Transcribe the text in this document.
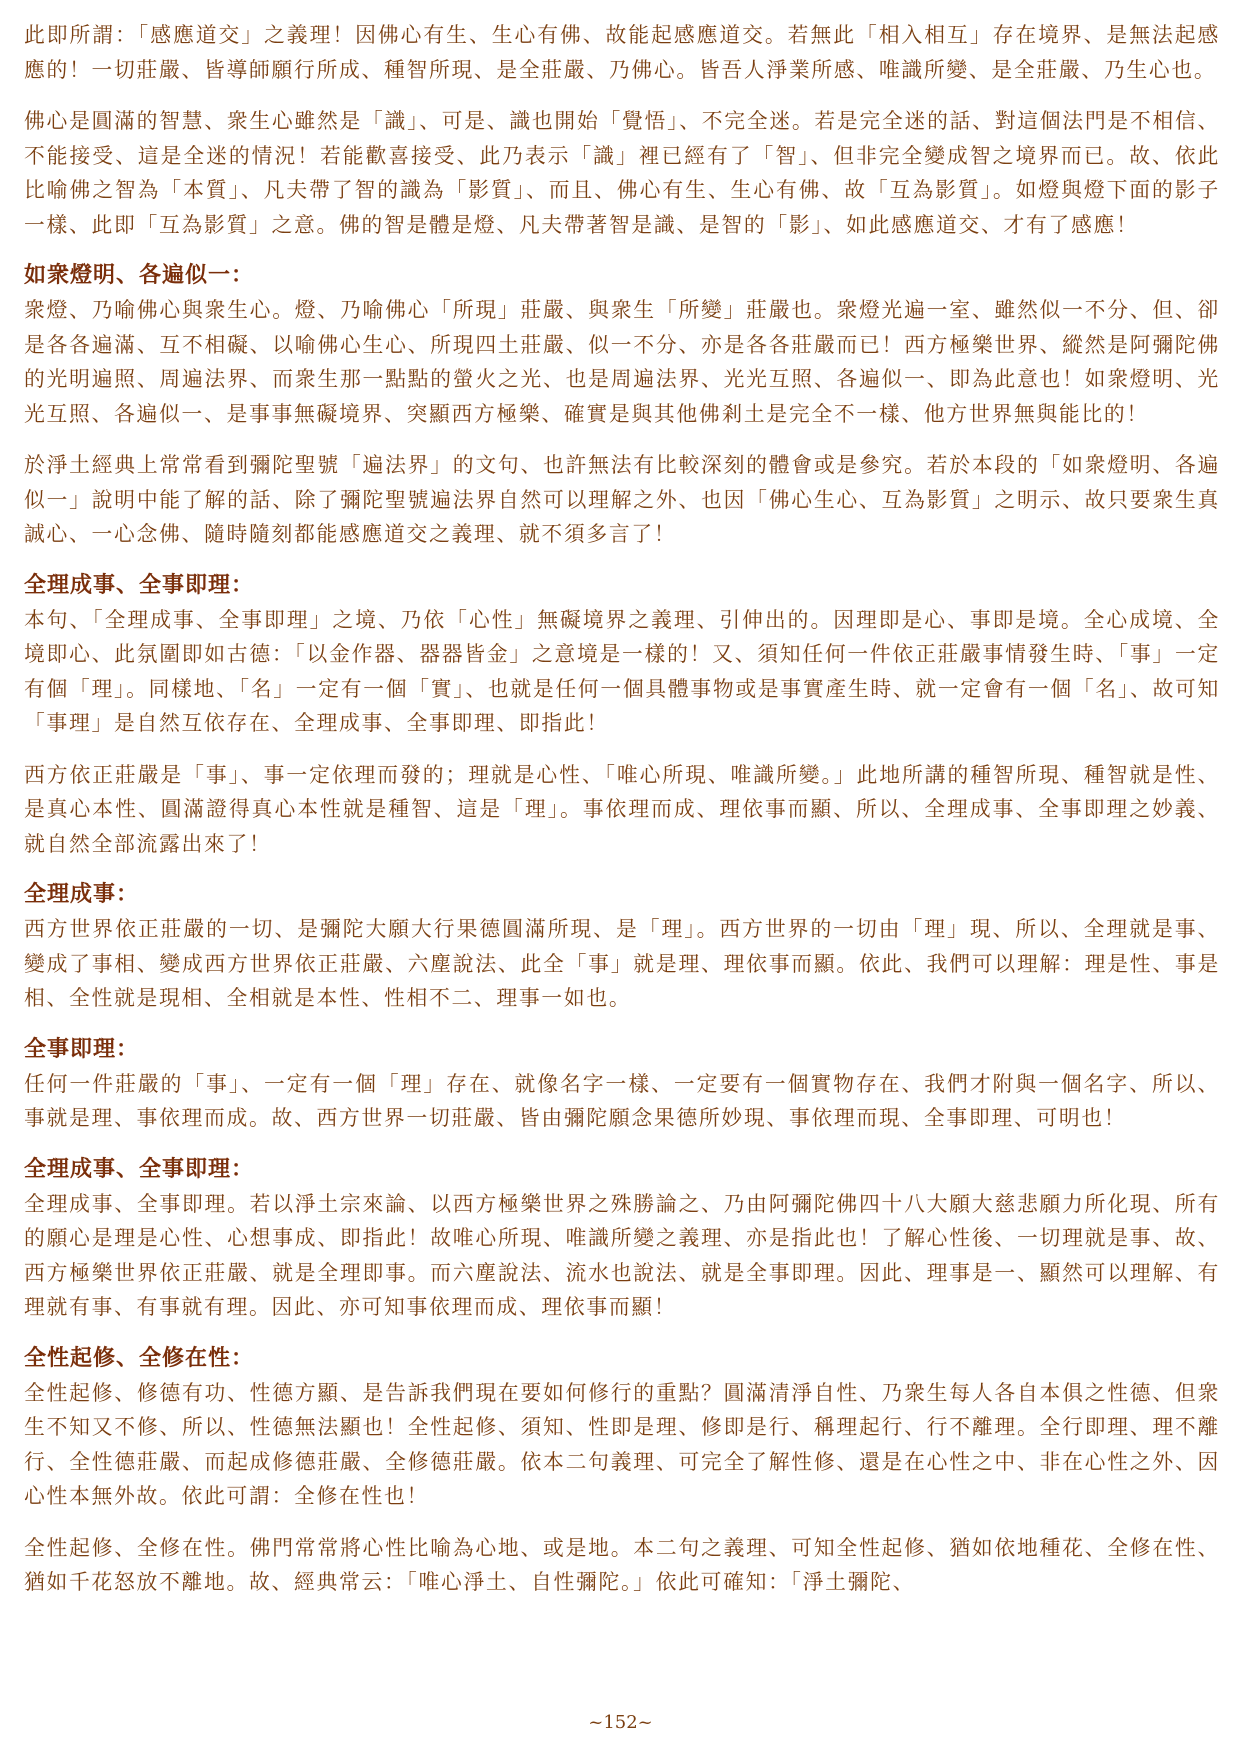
此即所謂：「感應道交」之義理！因佛心有生、生心有佛、故能起感應道交。若無此「相入相互」存在境界、是無法起感應的！一切莊嚴、皆導師願行所成、種智所現、是全莊嚴、乃佛心。皆吾人淨業所感、唯識所變、是全莊嚴、乃生心也。

佛心是圓滿的智慧、衆生心雖然是「識」、可是、識也開始「覺悟」、不完全迷。若是完全迷的話、對這個法門是不相信、不能接受、這是全迷的情況！若能歡喜接受、此乃表示「識」裡已經有了「智」、但非完全變成智之境界而已。故、依此比喻佛之智為「本質」、凡夫帶了智的識為「影質」、而且、佛心有生、生心有佛、故「互為影質」。如燈與燈下面的影子一樣、此即「互為影質」之意。佛的智是體是燈、凡夫帶著智是識、是智的「影」、如此感應道交、才有了感應！

如衆燈明、各遍似一：

衆燈、乃喻佛心與衆生心。燈、乃喻佛心「所現」莊嚴、與衆生「所變」莊嚴也。衆燈光遍一室、雖然似一不分、但、卻是各各遍滿、互不相礙、以喻佛心生心、所現四土莊嚴、似一不分、亦是各各莊嚴而已！西方極樂世界、縱然是阿彌陀佛的光明遍照、周遍法界、而衆生那一點點的螢火之光、也是周遍法界、光光互照、各遍似一、即為此意也！如衆燈明、光光互照、各遍似一、是事事無礙境界、突顯西方極樂、確實是與其他佛剎土是完全不一樣、他方世界無與能比的！

於淨土經典上常常看到彌陀聖號「遍法界」的文句、也許無法有比較深刻的體會或是參究。若於本段的「如衆燈明、各遍似一」說明中能了解的話、除了彌陀聖號遍法界自然可以理解之外、也因「佛心生心、互為影質」之明示、故只要衆生真誠心、一心念佛、隨時隨刻都能感應道交之義理、就不須多言了！

全理成事、全事即理：

本句、「全理成事、全事即理」之境、乃依「心性」無礙境界之義理、引伸出的。因理即是心、事即是境。全心成境、全境即心、此氛圍即如古德：「以金作器、器器皆金」之意境是一樣的！又、須知任何一件依正莊嚴事情發生時、「事」一定有個「理」。同樣地、「名」一定有一個「實」、也就是任何一個具體事物或是事實產生時、就一定會有一個「名」、故可知「事理」是自然互依存在、全理成事、全事即理、即指此！

西方依正莊嚴是「事」、事一定依理而發的；理就是心性、「唯心所現、唯識所變。」此地所講的種智所現、種智就是性、是真心本性、圓滿證得真心本性就是種智、這是「理」。事依理而成、理依事而顯、所以、全理成事、全事即理之妙義、就自然全部流露出來了！

全理成事：

西方世界依正莊嚴的一切、是彌陀大願大行果德圓滿所現、是「理」。西方世界的一切由「理」現、所以、全理就是事、變成了事相、變成西方世界依正莊嚴、六塵說法、此全「事」就是理、理依事而顯。依此、我們可以理解：理是性、事是相、全性就是現相、全相就是本性、性相不二、理事一如也。

全事即理：

任何一件莊嚴的「事」、一定有一個「理」存在、就像名字一樣、一定要有一個實物存在、我們才附與一個名字、所以、事就是理、事依理而成。故、西方世界一切莊嚴、皆由彌陀願念果德所妙現、事依理而現、全事即理、可明也！

全理成事、全事即理：

全理成事、全事即理。若以淨土宗來論、以西方極樂世界之殊勝論之、乃由阿彌陀佛四十八大願大慈悲願力所化現、所有的願心是理是心性、心想事成、即指此！故唯心所現、唯識所變之義理、亦是指此也！了解心性後、一切理就是事、故、西方極樂世界依正莊嚴、就是全理即事。而六塵說法、流水也說法、就是全事即理。因此、理事是一、顯然可以理解、有理就有事、有事就有理。因此、亦可知事依理而成、理依事而顯！

全性起修、全修在性：

全性起修、修德有功、性德方顯、是告訴我們現在要如何修行的重點？圓滿清淨自性、乃衆生每人各自本俱之性德、但衆生不知又不修、所以、性德無法顯也！全性起修、須知、性即是理、修即是行、稱理起行、行不離理。全行即理、理不離行、全性德莊嚴、而起成修德莊嚴、全修德莊嚴。依本二句義理、可完全了解性修、還是在心性之中、非在心性之外、因心性本無外故。依此可謂：全修在性也！

全性起修、全修在性。佛門常常將心性比喻為心地、或是地。本二句之義理、可知全性起修、猶如依地種花、全修在性、猶如千花怒放不離地。故、經典常云：「唯心淨土、自性彌陀。」依此可確知：「淨土彌陀、

~152~
